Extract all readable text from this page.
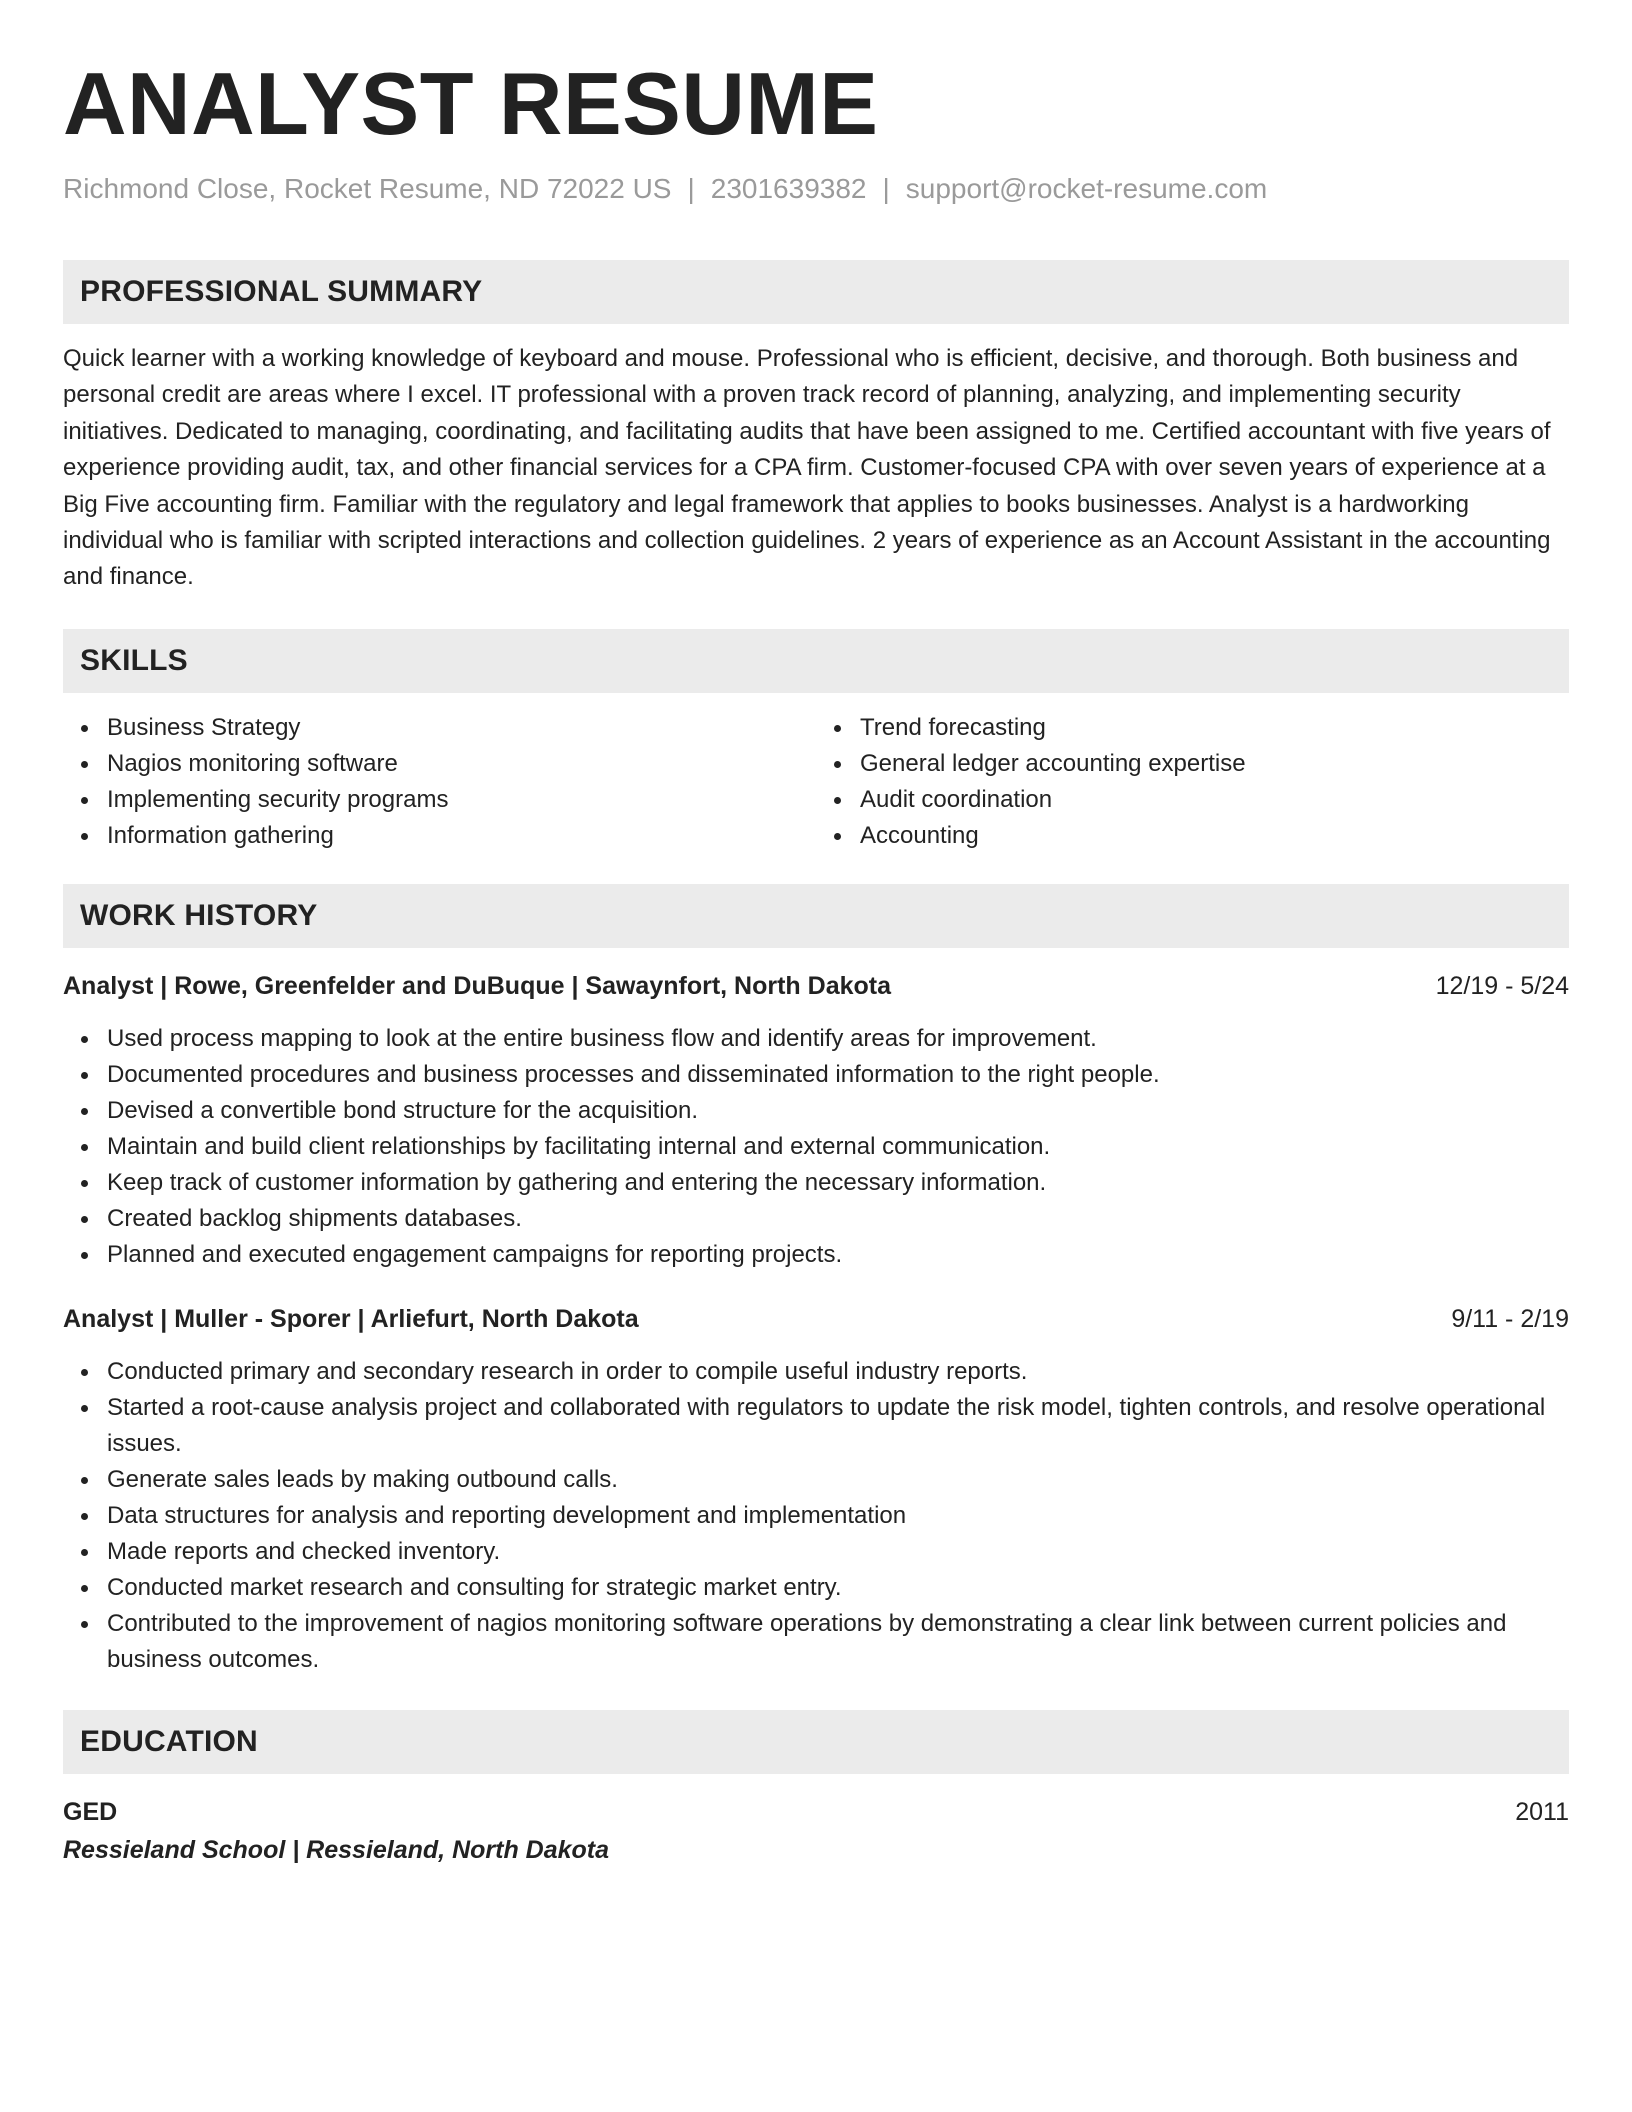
ANALYST RESUME
Richmond Close, Rocket Resume, ND 72022 US | 2301639382 | support@rocket-resume.com
PROFESSIONAL SUMMARY

Quick learner with a working knowledge of keyboard and mouse. Professional who is efficient, decisive, and thorough. Both business and personal credit are areas where I excel. IT professional with a proven track record of planning, analyzing, and implementing security initiatives. Dedicated to managing, coordinating, and facilitating audits that have been assigned to me. Certified accountant with five years of experience providing audit, tax, and other financial services for a CPA firm. Customer-focused CPA with over seven years of experience at a Big Five accounting firm. Familiar with the regulatory and legal framework that applies to books businesses. Analyst is a hardworking individual who is familiar with scripted interactions and collection guidelines. 2 years of experience as an Account Assistant in the accounting and finance.

SKILLS
Business Strategy
Nagios monitoring software
Implementing security programs
Information gathering
Trend forecasting
General ledger accounting expertise
Audit coordination
Accounting
WORK HISTORY
Analyst | Rowe, Greenfelder and DuBuque | Sawaynfort, North Dakota	12/19 - 5/24
Used process mapping to look at the entire business flow and identify areas for improvement.
Documented procedures and business processes and disseminated information to the right people.
Devised a convertible bond structure for the acquisition.
Maintain and build client relationships by facilitating internal and external communication.
Keep track of customer information by gathering and entering the necessary information.
Created backlog shipments databases.
Planned and executed engagement campaigns for reporting projects.
Analyst | Muller - Sporer | Arliefurt, North Dakota	9/11 - 2/19
Conducted primary and secondary research in order to compile useful industry reports.
Started a root-cause analysis project and collaborated with regulators to update the risk model, tighten controls, and resolve operational issues.
Generate sales leads by making outbound calls.
Data structures for analysis and reporting development and implementation
Made reports and checked inventory.
Conducted market research and consulting for strategic market entry.
Contributed to the improvement of nagios monitoring software operations by demonstrating a clear link between current policies and business outcomes.
EDUCATION
GED	2011
Ressieland School | Ressieland, North Dakota
